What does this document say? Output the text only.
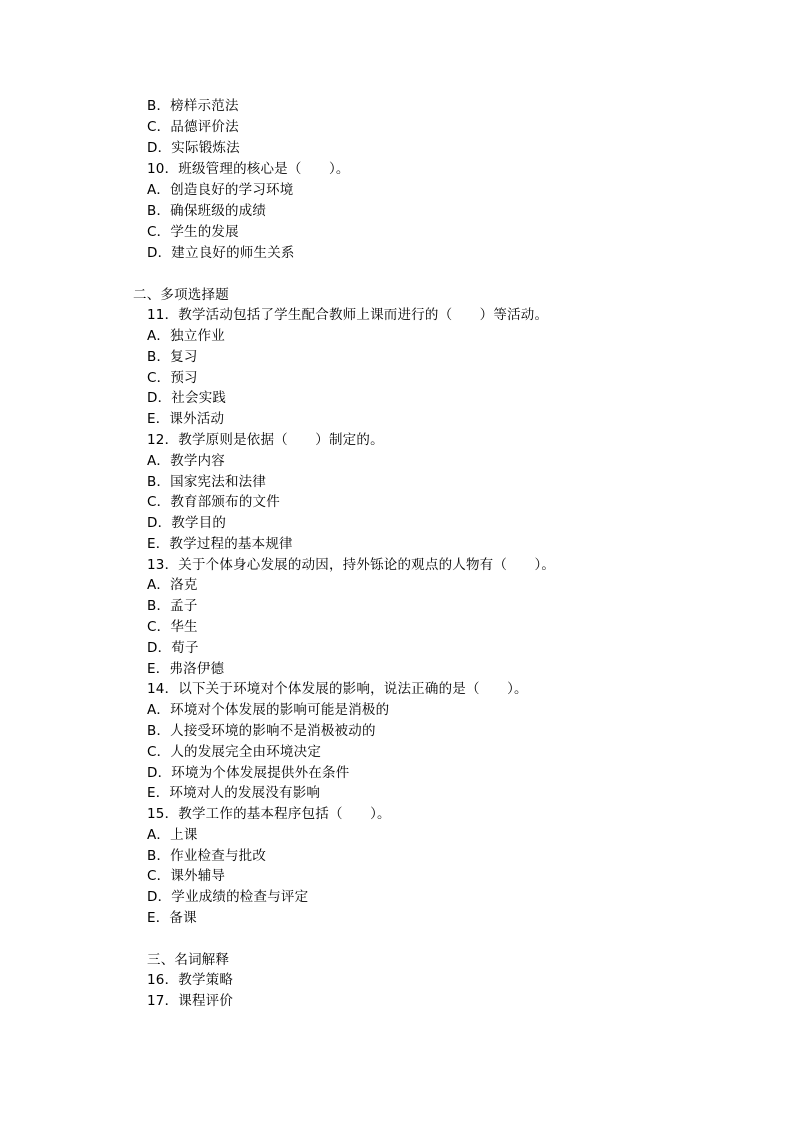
B．榜样示范法

C．品德评价法

D．实际锻炼法

10．班级管理的核心是（　　）。

A．创造良好的学习环境

B．确保班级的成绩

C．学生的发展

D．建立良好的师生关系

二、多项选择题

11．教学活动包括了学生配合教师上课而进行的（　　）等活动。

A．独立作业

B．复习

C．预习

D．社会实践

E．课外活动

12．教学原则是依据（　　）制定的。

A．教学内容

B．国家宪法和法律

C．教育部颁布的文件

D．教学目的

E．教学过程的基本规律

13．关于个体身心发展的动因，持外铄论的观点的人物有（　　）。

A．洛克

B．孟子

C．华生

D．荀子

E．弗洛伊德

14．以下关于环境对个体发展的影响，说法正确的是（　　）。

A．环境对个体发展的影响可能是消极的

B．人接受环境的影响不是消极被动的

C．人的发展完全由环境决定

D．环境为个体发展提供外在条件

E．环境对人的发展没有影响

15．教学工作的基本程序包括（　　）。

A．上课

B．作业检查与批改

C．课外辅导

D．学业成绩的检查与评定

E．备课

三、名词解释

16．教学策略

17．课程评价
